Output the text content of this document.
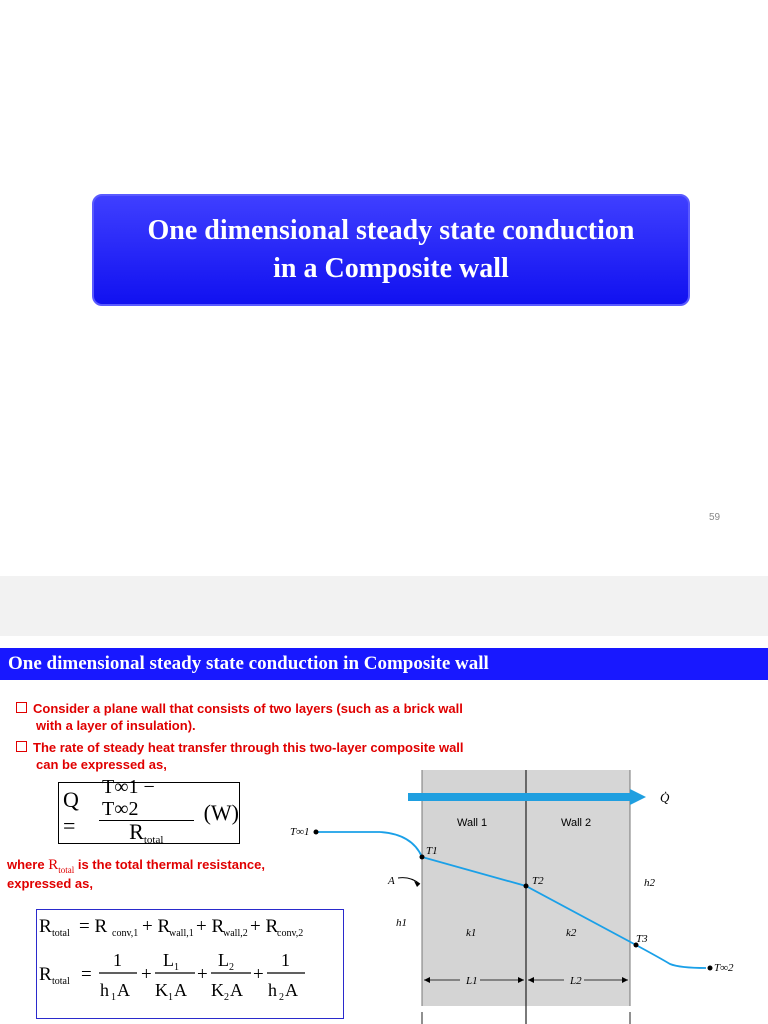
One dimensional steady state conduction
in a Composite wall
59
One dimensional steady state conduction in Composite wall
Consider a plane wall that consists of two layers (such as a brick wall
with a layer of insulation).
The rate of steady heat transfer through this two-layer composite wall
can be expressed as,
Q =	$\frac{T\infty 1 - T\infty 2}{R_{total}} (W)$
where $R_{total}$ is the total thermal resistance,
expressed as,
R total = R conv,1 + R
wall,1 + R
wall,2 + R
conv,2
R total =
1
h 1 A
+
L 1
K 1 A
+
L 2
K 2 A
+
1
h 2 A
Q̇
Wall 1	Wall 2
T∞1
T1
T2
T3
T∞2
A
h1
h2
k1	k2
L1	L2
